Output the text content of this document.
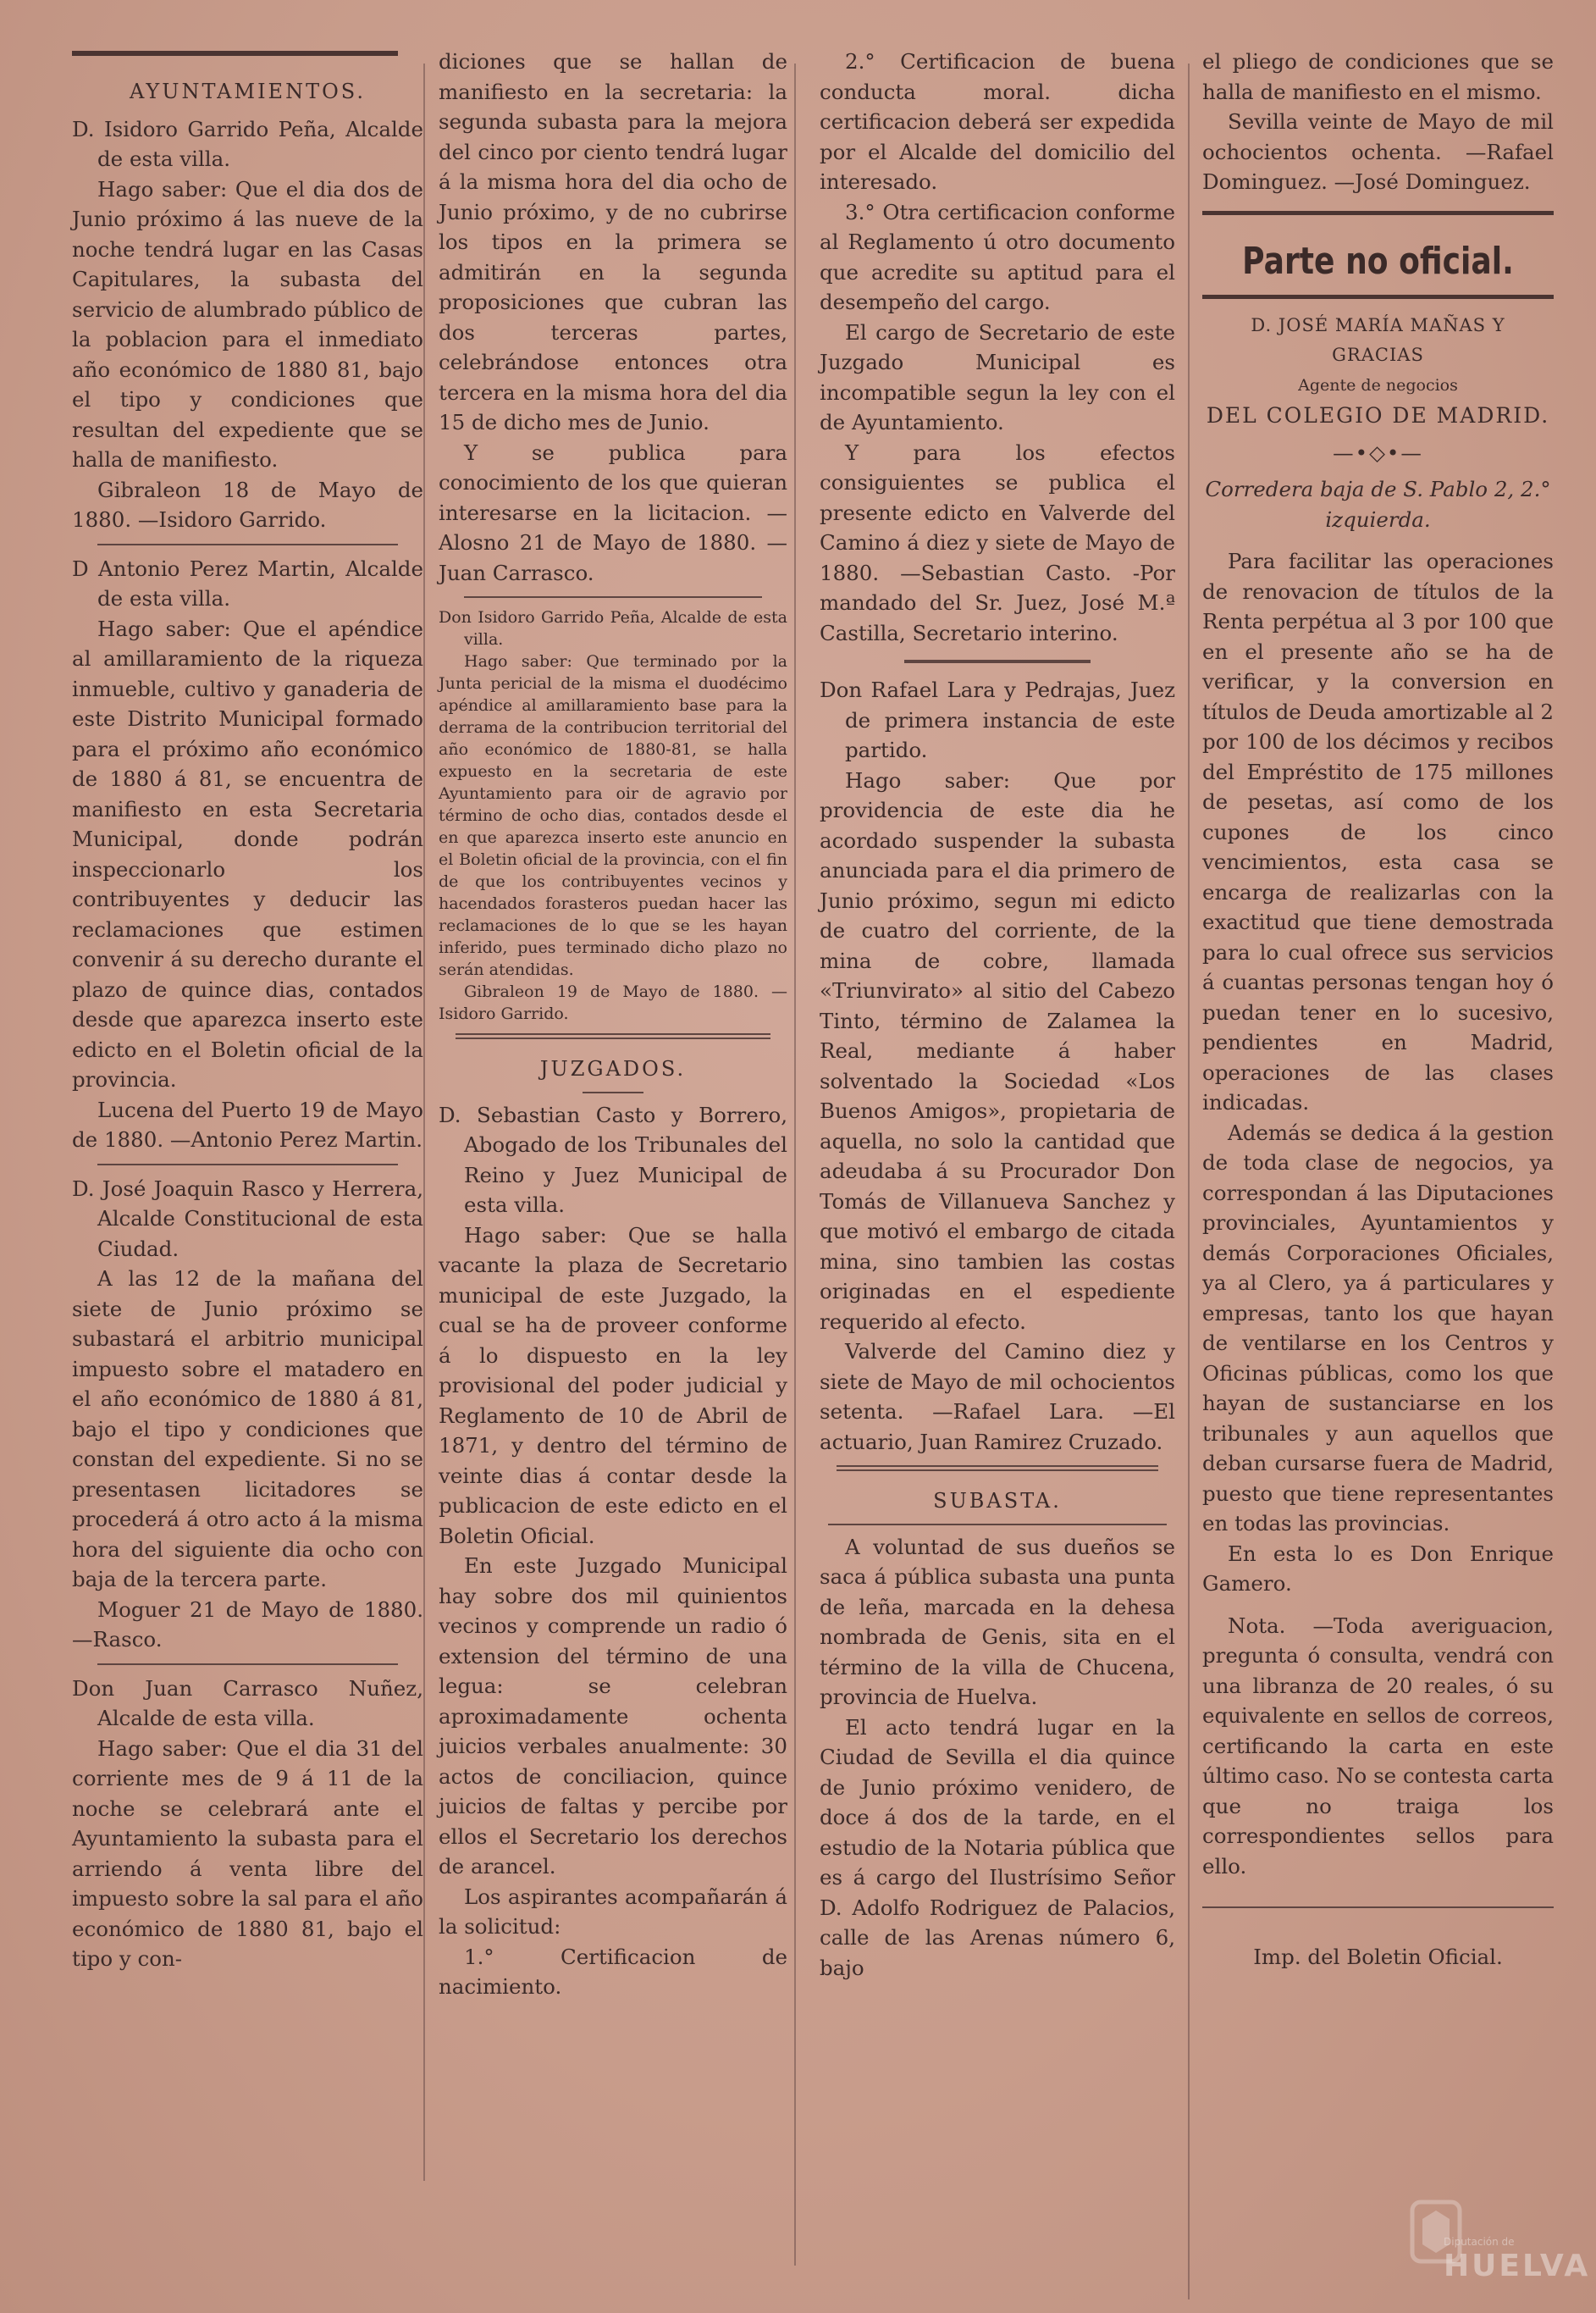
AYUNTAMIENTOS.

D. Isidoro Garrido Peña, Alcalde de esta villa.

Hago saber: Que el dia dos de Junio próximo á las nueve de la noche tendrá lugar en las Casas Capitulares, la subasta del servicio de alumbrado público de la poblacion para el inmediato año económico de 1880 81, bajo el tipo y condiciones que resultan del expediente que se halla de manifiesto.

Gibraleon 18 de Mayo de 1880. —Isidoro Garrido.

D Antonio Perez Martin, Alcalde de esta villa.

Hago saber: Que el apéndice al amillaramiento de la riqueza inmueble, cultivo y ganaderia de este Distrito Municipal formado para el próximo año económico de 1880 á 81, se encuentra de manifiesto en esta Secretaria Municipal, donde podrán inspeccionarlo los contribuyentes y deducir las reclamaciones que estimen convenir á su derecho durante el plazo de quince dias, contados desde que aparezca inserto este edicto en el Boletin oficial de la provincia.

Lucena del Puerto 19 de Mayo de 1880. —Antonio Perez Martin.

D. José Joaquin Rasco y Herrera, Alcalde Constitucional de esta Ciudad.

A las 12 de la mañana del siete de Junio próximo se subastará el arbitrio municipal impuesto sobre el matadero en el año económico de 1880 á 81, bajo el tipo y condiciones que constan del expediente. Si no se presentasen licitadores se procederá á otro acto á la misma hora del siguiente dia ocho con baja de la tercera parte.

Moguer 21 de Mayo de 1880. —Rasco.

Don Juan Carrasco Nuñez, Alcalde de esta villa.

Hago saber: Que el dia 31 del corriente mes de 9 á 11 de la noche se celebrará ante el Ayuntamiento la subasta para el arriendo á venta libre del impuesto sobre la sal para el año económico de 1880 81, bajo el tipo y con-

diciones que se hallan de manifiesto en la secretaria: la segunda subasta para la mejora del cinco por ciento tendrá lugar á la misma hora del dia ocho de Junio próximo, y de no cubrirse los tipos en la primera se admitirán en la segunda proposiciones que cubran las dos terceras partes, celebrándose entonces otra tercera en la misma hora del dia 15 de dicho mes de Junio.

Y se publica para conocimiento de los que quieran interesarse en la licitacion. —Alosno 21 de Mayo de 1880. —Juan Carrasco.

Don Isidoro Garrido Peña, Alcalde de esta villa.

Hago saber: Que terminado por la Junta pericial de la misma el duodécimo apéndice al amillaramiento base para la derrama de la contribucion territorial del año económico de 1880-81, se halla expuesto en la secretaria de este Ayuntamiento para oir de agravio por término de ocho dias, contados desde el en que aparezca inserto este anuncio en el Boletin oficial de la provincia, con el fin de que los contribuyentes vecinos y hacendados forasteros puedan hacer las reclamaciones de lo que se les hayan inferido, pues terminado dicho plazo no serán atendidas.

Gibraleon 19 de Mayo de 1880. —Isidoro Garrido.

JUZGADOS.

D. Sebastian Casto y Borrero, Abogado de los Tribunales del Reino y Juez Municipal de esta villa.

Hago saber: Que se halla vacante la plaza de Secretario municipal de este Juzgado, la cual se ha de proveer conforme á lo dispuesto en la ley provisional del poder judicial y Reglamento de 10 de Abril de 1871, y dentro del término de veinte dias á contar desde la publicacion de este edicto en el Boletin Oficial.

En este Juzgado Municipal hay sobre dos mil quinientos vecinos y comprende un radio ó extension del término de una legua: se celebran aproximadamente ochenta juicios verbales anualmente: 30 actos de conciliacion, quince juicios de faltas y percibe por ellos el Secretario los derechos de arancel.

Los aspirantes acompañarán á la solicitud:

1.° Certificacion de nacimiento.

2.° Certificacion de buena conducta moral. dicha certificacion deberá ser expedida por el Alcalde del domicilio del interesado.

3.° Otra certificacion conforme al Reglamento ú otro documento que acredite su aptitud para el desempeño del cargo.

El cargo de Secretario de este Juzgado Municipal es incompatible segun la ley con el de Ayuntamiento.

Y para los efectos consiguientes se publica el presente edicto en Valverde del Camino á diez y siete de Mayo de 1880. —Sebastian Casto. -Por mandado del Sr. Juez, José M.ª Castilla, Secretario interino.

Don Rafael Lara y Pedrajas, Juez de primera instancia de este partido.

Hago saber: Que por providencia de este dia he acordado suspender la subasta anunciada para el dia primero de Junio próximo, segun mi edicto de cuatro del corriente, de la mina de cobre, llamada «Triunvirato» al sitio del Cabezo Tinto, término de Zalamea la Real, mediante á haber solventado la Sociedad «Los Buenos Amigos», propietaria de aquella, no solo la cantidad que adeudaba á su Procurador Don Tomás de Villanueva Sanchez y que motivó el embargo de citada mina, sino tambien las costas originadas en el espediente requerido al efecto.

Valverde del Camino diez y siete de Mayo de mil ochocientos setenta. —Rafael Lara. —El actuario, Juan Ramirez Cruzado.

SUBASTA.

A voluntad de sus dueños se saca á pública subasta una punta de leña, marcada en la dehesa nombrada de Genis, sita en el término de la villa de Chucena, provincia de Huelva.

El acto tendrá lugar en la Ciudad de Sevilla el dia quince de Junio próximo venidero, de doce á dos de la tarde, en el estudio de la Notaria pública que es á cargo del Ilustrísimo Señor D. Adolfo Rodriguez de Palacios, calle de las Arenas número 6, bajo

el pliego de condiciones que se halla de manifiesto en el mismo.

Sevilla veinte de Mayo de mil ochocientos ochenta. —Rafael Dominguez. —José Dominguez.

Parte no oficial.

D. JOSÉ MARÍA MAÑAS Y GRACIAS

Agente de negocios

DEL COLEGIO DE MADRID.

—•◇•—

Corredera baja de S. Pablo 2, 2.° izquierda.

Para facilitar las operaciones de renovacion de títulos de la Renta perpétua al 3 por 100 que en el presente año se ha de verificar, y la conversion en títulos de Deuda amortizable al 2 por 100 de los décimos y recibos del Empréstito de 175 millones de pesetas, así como de los cupones de los cinco vencimientos, esta casa se encarga de realizarlas con la exactitud que tiene demostrada para lo cual ofrece sus servicios á cuantas personas tengan hoy ó puedan tener en lo sucesivo, pendientes en Madrid, operaciones de las clases indicadas.

Además se dedica á la gestion de toda clase de negocios, ya correspondan á las Diputaciones provinciales, Ayuntamientos y demás Corporaciones Oficiales, ya al Clero, ya á particulares y empresas, tanto los que hayan de ventilarse en los Centros y Oficinas públicas, como los que hayan de sustanciarse en los tribunales y aun aquellos que deban cursarse fuera de Madrid, puesto que tiene representantes en todas las provincias.

En esta lo es Don Enrique Gamero.

Nota. —Toda averiguacion, pregunta ó consulta, vendrá con una libranza de 20 reales, ó su equivalente en sellos de correos, certificando la carta en este último caso. No se contesta carta que no traiga los correspondientes sellos para ello.

Imp. del Boletin Oficial.

Diputación de
HUELVA
